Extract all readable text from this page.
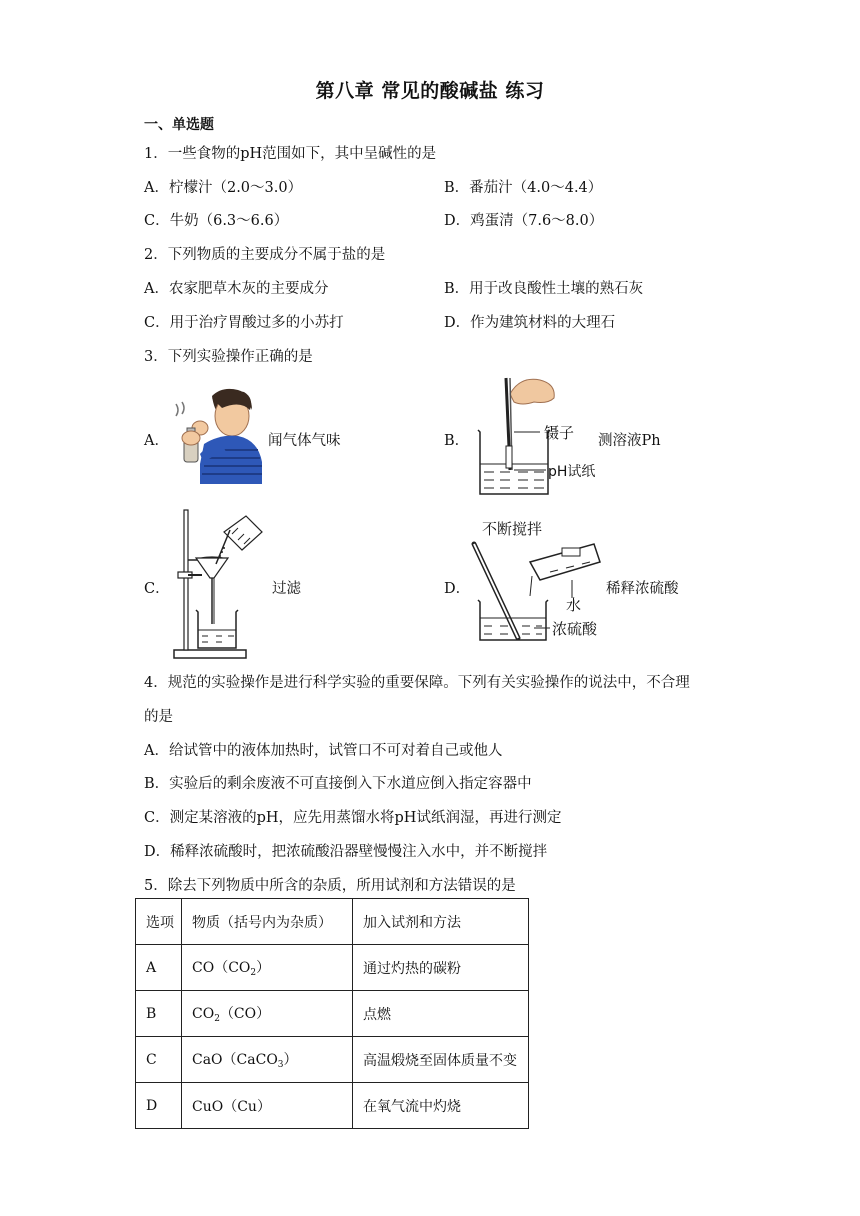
第八章 常见的酸碱盐 练习
一、单选题
1．一些食物的pH范围如下，其中呈碱性的是
A．柠檬汁（2.0～3.0）	B．番茄汁（4.0～4.4）
C．牛奶（6.3～6.6）	D．鸡蛋清（7.6～8.0）
2．下列物质的主要成分不属于盐的是
A．农家肥草木灰的主要成分	B．用于改良酸性土壤的熟石灰
C．用于治疗胃酸过多的小苏打	D．作为建筑材料的大理石
3．下列实验操作正确的是
A．	闻气体气味	B．	镊子
pH试纸
测溶液Ph
C．	过滤	D．
不断搅拌
水
浓硫酸
稀释浓硫酸
4．规范的实验操作是进行科学实验的重要保障。下列有关实验操作的说法中，不合理
的是
A．给试管中的液体加热时，试管口不可对着自己或他人
B．实验后的剩余废液不可直接倒入下水道应倒入指定容器中
C．测定某溶液的pH，应先用蒸馏水将pH试纸润湿，再进行测定
D．稀释浓硫酸时，把浓硫酸沿器壁慢慢注入水中，并不断搅拌
5．除去下列物质中所含的杂质，所用试剂和方法错误的是
选项	物质（括号内为杂质）	加入试剂和方法
A	$CO(CO_2)$	通过灼热的碳粉
B	$CO_2(CO)$	点燃
C	CaO（CaCO$_3$）	高温煅烧至固体质量不变
D	CuO（Cu）	在氧气流中灼烧
